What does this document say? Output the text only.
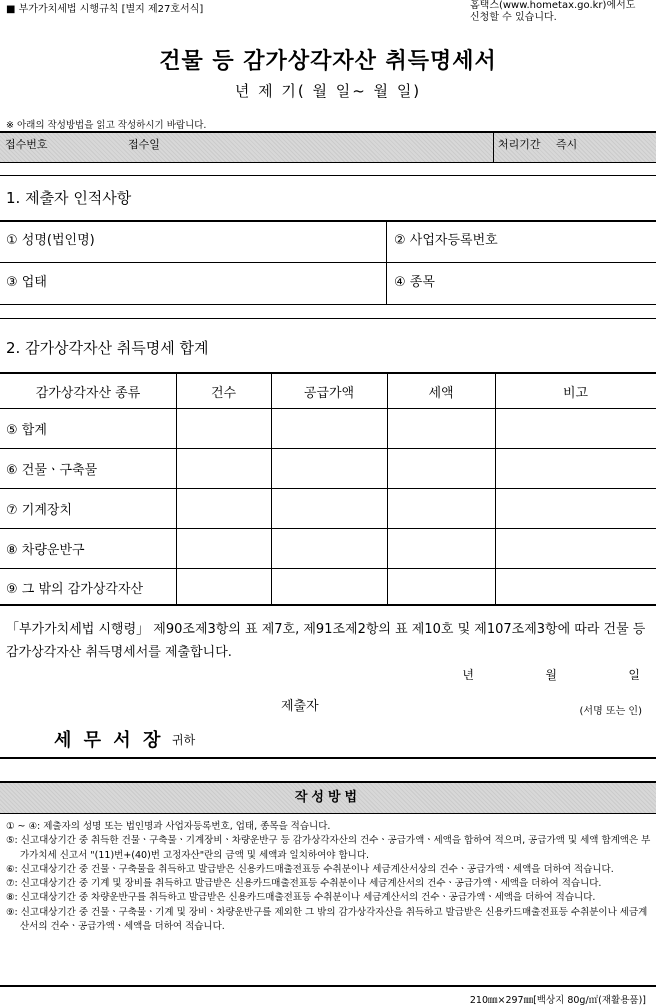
■ 부가가치세법 시행규칙 [별지 제27호서식]	홈택스(www.hometax.go.kr)에서도
신청할 수 있습니다.
건물 등 감가상각자산 취득명세서
년 제 기( 월 일~ 월 일)
※ 아래의 작성방법을 읽고 작성하시기 바랍니다.
접수번호	접수일	처리기간 즉시
1. 제출자 인적사항
① 성명(법인명)	② 사업자등록번호
③ 업태	④ 종목
2. 감가상각자산 취득명세 합계
감가상각자산 종류	건수	공급가액	세액	비고
⑤ 합계
⑥ 건물ㆍ구축물
⑦ 기계장치
⑧ 차량운반구
⑨ 그 밖의 감가상각자산
「부가가치세법 시행령」 제90조제3항의 표 제7호, 제91조제2항의 표 제10호 및 제107조제3항에 따라 건물 등 감가상각자산 취득명세서를 제출합니다.
년   월   일
제출자	(서명 또는 인)
세 무 서 장 귀하
작성방법

① ~ ④: 제출자의 성명 또는 법인명과 사업자등록번호, 업태, 종목을 적습니다.

⑤: 신고대상기간 중 취득한 건물ㆍ구축물ㆍ기계장비ㆍ차량운반구 등 감가상각자산의 건수ㆍ공급가액ㆍ세액을 합하여 적으며, 공급가액 및 세액 합계액은 부가가치세 신고서 "(11)번+(40)번 고정자산"란의 금액 및 세액과 일치하여야 합니다.

⑥: 신고대상기간 중 건물ㆍ구축물을 취득하고 발급받은 신용카드매출전표등 수취분이나 세금계산서상의 건수ㆍ공급가액ㆍ세액을 더하여 적습니다.

⑦: 신고대상기간 중 기계 및 장비를 취득하고 발급받은 신용카드매출전표등 수취분이나 세금계산서의 건수ㆍ공급가액ㆍ세액을 더하여 적습니다.

⑧: 신고대상기간 중 차량운반구를 취득하고 발급받은 신용카드매출전표등 수취분이나 세금계산서의 건수ㆍ공급가액ㆍ세액을 더하여 적습니다.

⑨: 신고대상기간 중 건물ㆍ구축물ㆍ기계 및 장비ㆍ차량운반구를 제외한 그 밖의 감가상각자산을 취득하고 발급받은 신용카드매출전표등 수취분이나 세금계산서의 건수ㆍ공급가액ㆍ세액을 더하여 적습니다.

210㎜×297㎜[백상지 80g/㎡(재활용품)]
